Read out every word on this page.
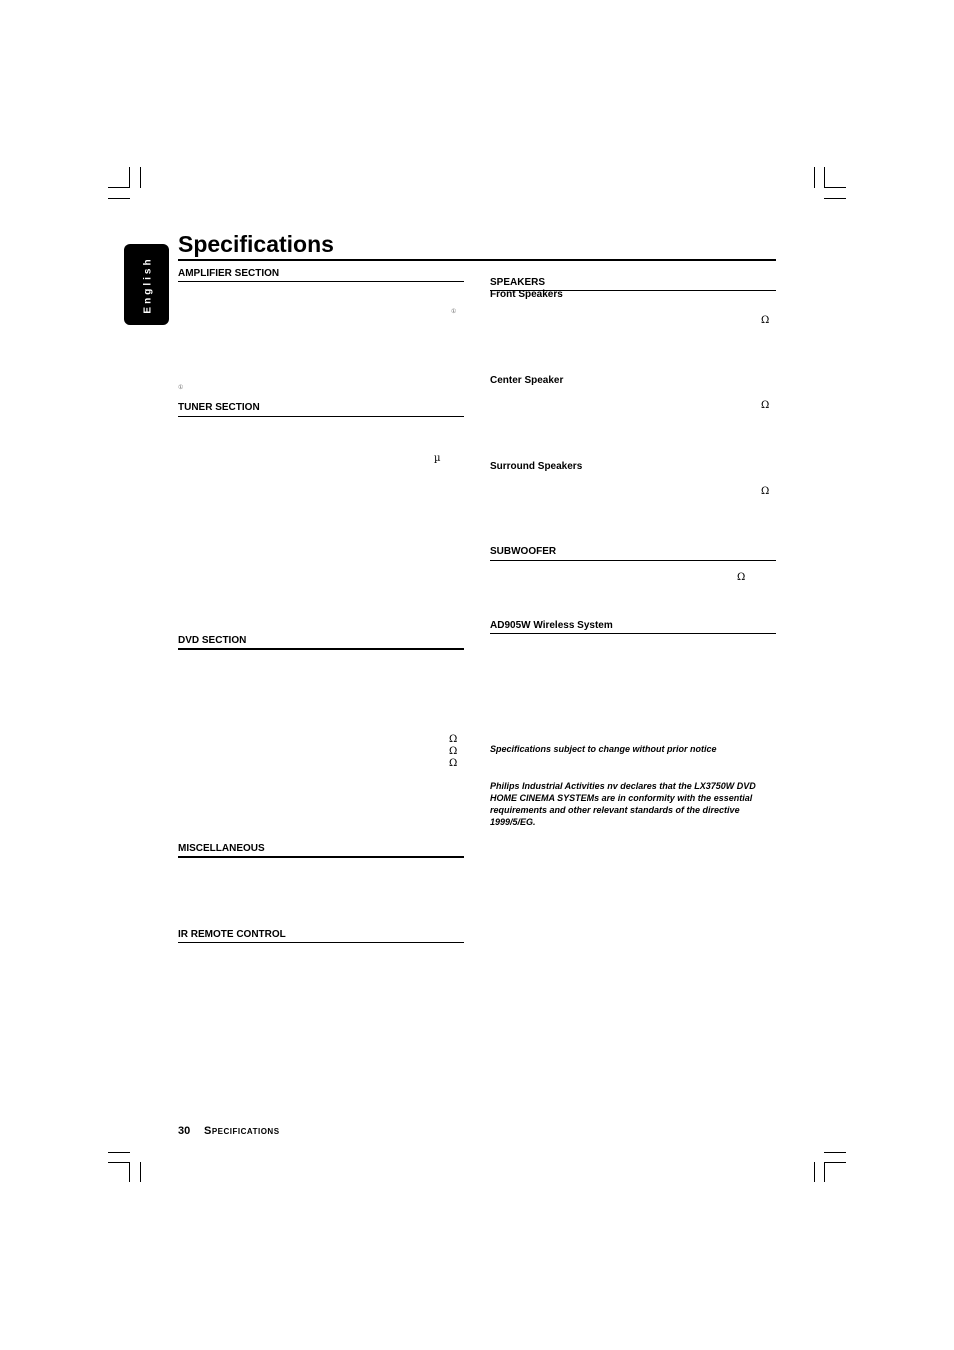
English
Specifications
AMPLIFIER SECTION
①
①
TUNER SECTION
µ
DVD SECTION
Ω
Ω
Ω
MISCELLANEOUS
IR REMOTE CONTROL
SPEAKERS
Front Speakers
Ω
Center Speaker
Ω
Surround Speakers
Ω
SUBWOOFER
Ω
AD905W Wireless System
Specifications subject to change without prior notice
Philips Industrial Activities nv declares that the LX3750W DVD HOME CINEMA SYSTEMs are in conformity with the essential requirements and other relevant standards of the directive 1999/5/EG.
30 Specifications
